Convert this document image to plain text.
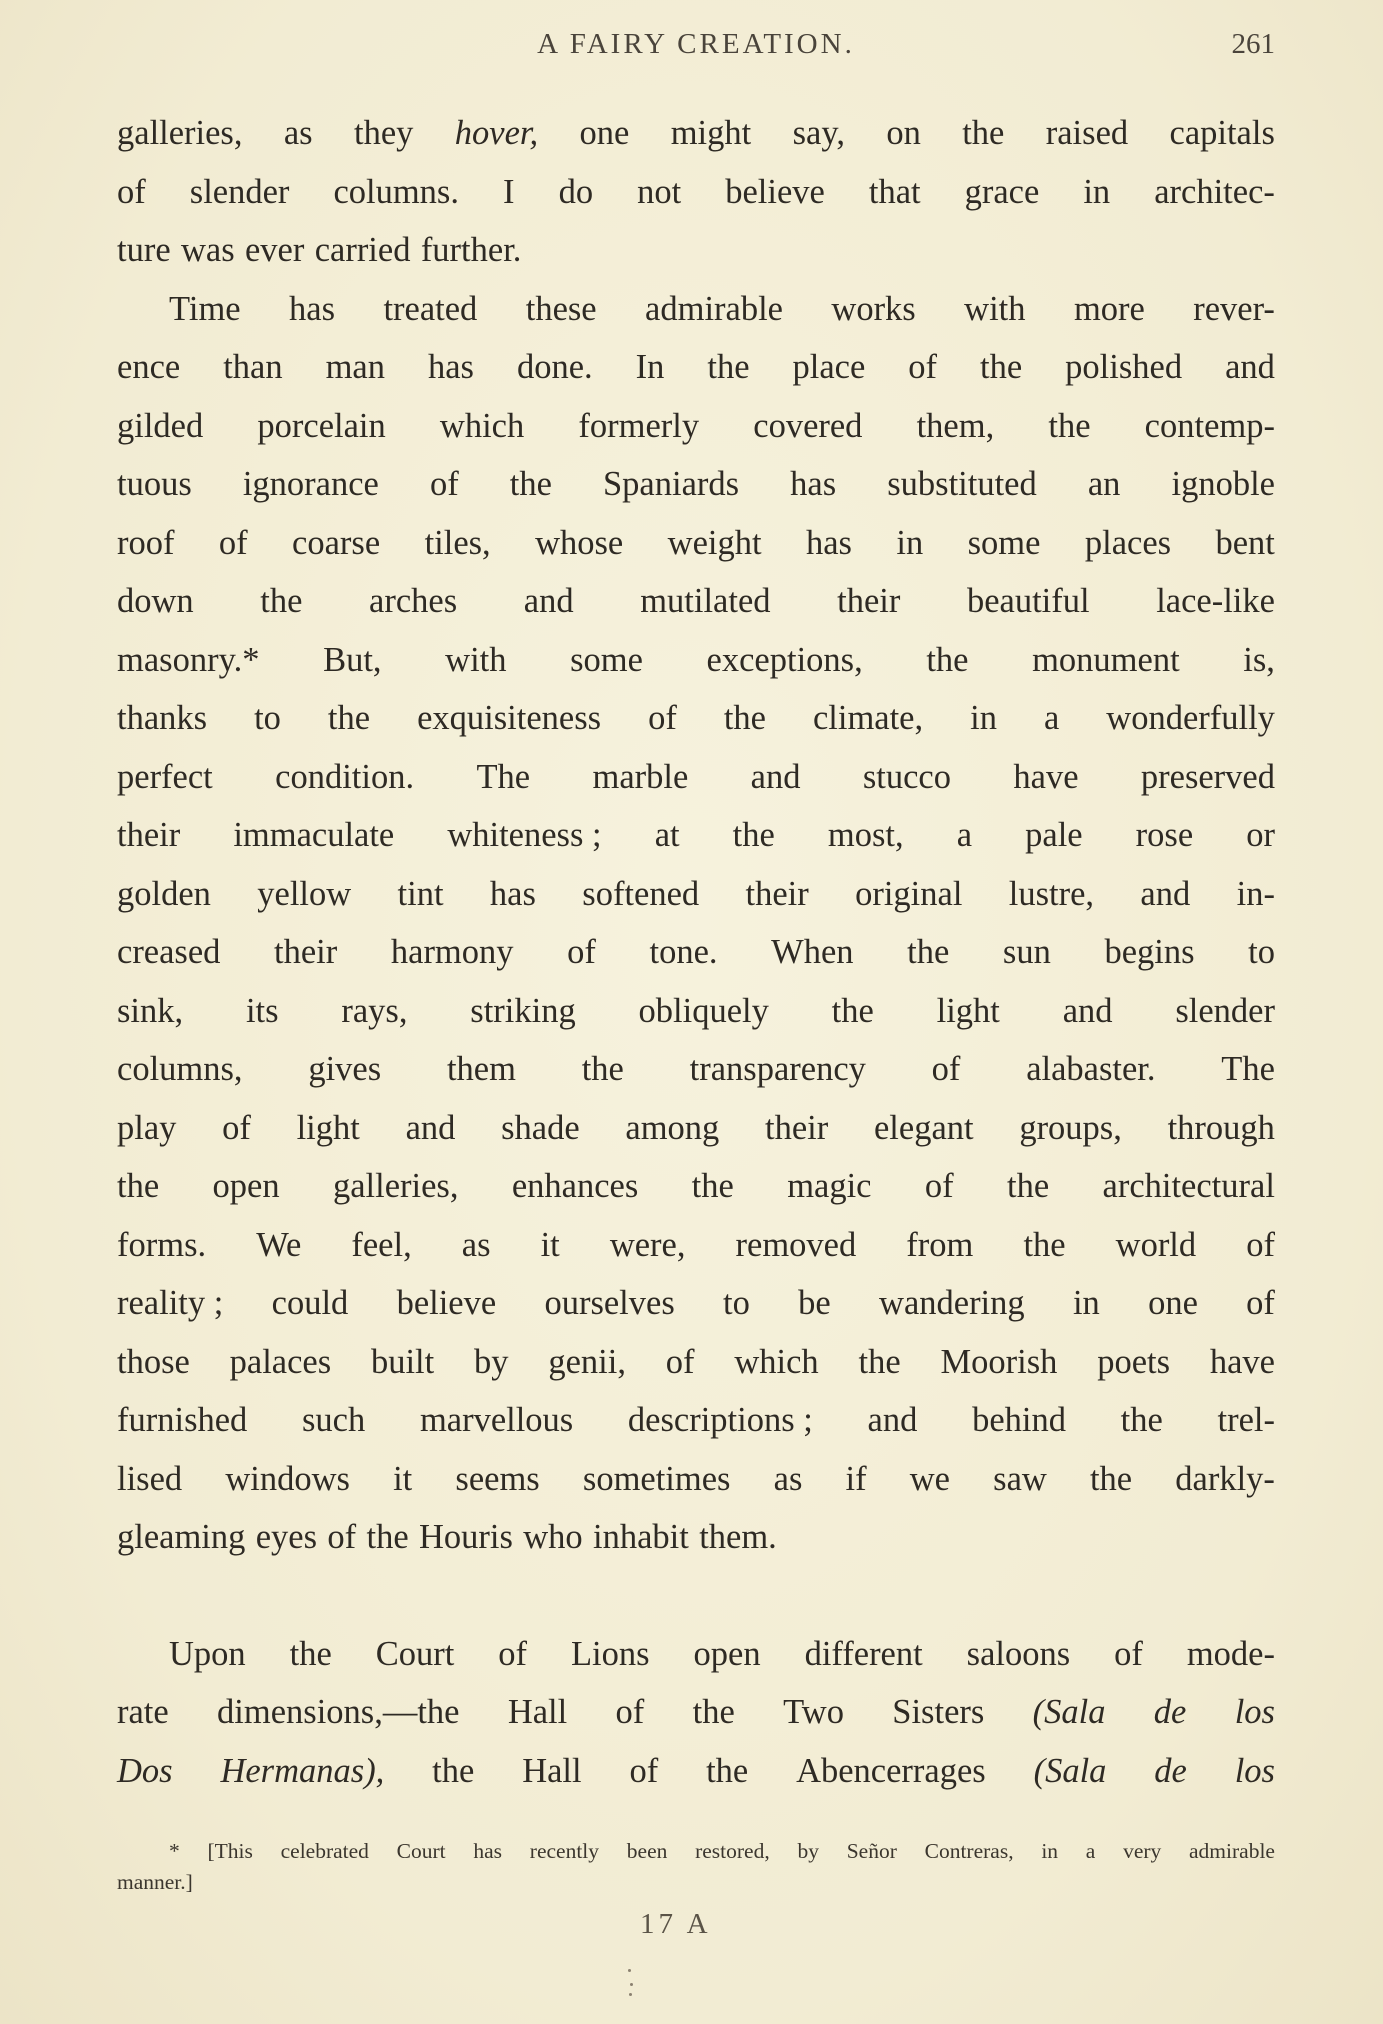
A FAIRY CREATION.	261
galleries, as they hover, one might say, on the raised capitals
of slender columns. I do not believe that grace in architec-
ture was ever carried further.
Time has treated these admirable works with more rever-
ence than man has done. In the place of the polished and
gilded porcelain which formerly covered them, the contemp-
tuous ignorance of the Spaniards has substituted an ignoble
roof of coarse tiles, whose weight has in some places bent
down the arches and mutilated their beautiful lace-like
masonry.* But, with some exceptions, the monument is,
thanks to the exquisiteness of the climate, in a wonderfully
perfect condition. The marble and stucco have preserved
their immaculate whiteness ; at the most, a pale rose or
golden yellow tint has softened their original lustre, and in-
creased their harmony of tone. When the sun begins to
sink, its rays, striking obliquely the light and slender
columns, gives them the transparency of alabaster. The
play of light and shade among their elegant groups, through
the open galleries, enhances the magic of the architectural
forms. We feel, as it were, removed from the world of
reality ; could believe ourselves to be wandering in one of
those palaces built by genii, of which the Moorish poets have
furnished such marvellous descriptions ; and behind the trel-
lised windows it seems sometimes as if we saw the darkly-
gleaming eyes of the Houris who inhabit them.
Upon the Court of Lions open different saloons of mode-
rate dimensions,—the Hall of the Two Sisters (Sala de los
Dos Hermanas), the Hall of the Abencerrages (Sala de los
* [This celebrated Court has recently been restored, by Señor Contreras, in a very admirable
manner.]
17 A
